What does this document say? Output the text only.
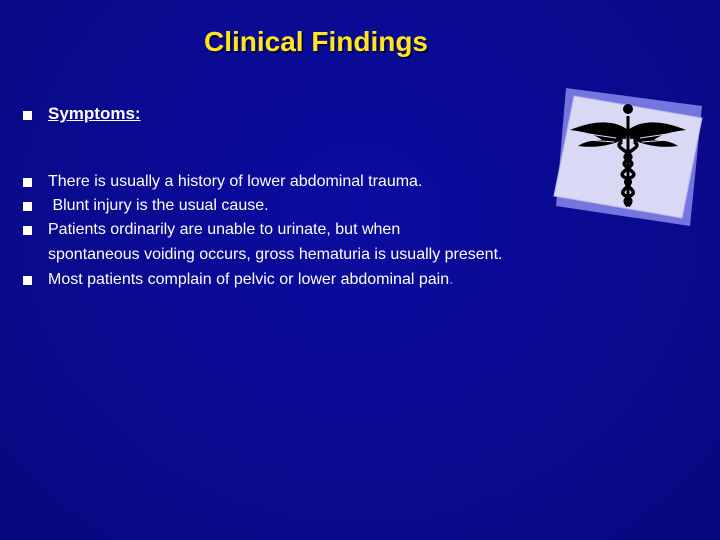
Clinical Findings
Symptoms:
There is usually a history of lower abdominal trauma.
Blunt injury is the usual cause.
Patients ordinarily are unable to urinate, but when
spontaneous voiding occurs, gross hematuria is usually present.
Most patients complain of pelvic or lower abdominal pain.
